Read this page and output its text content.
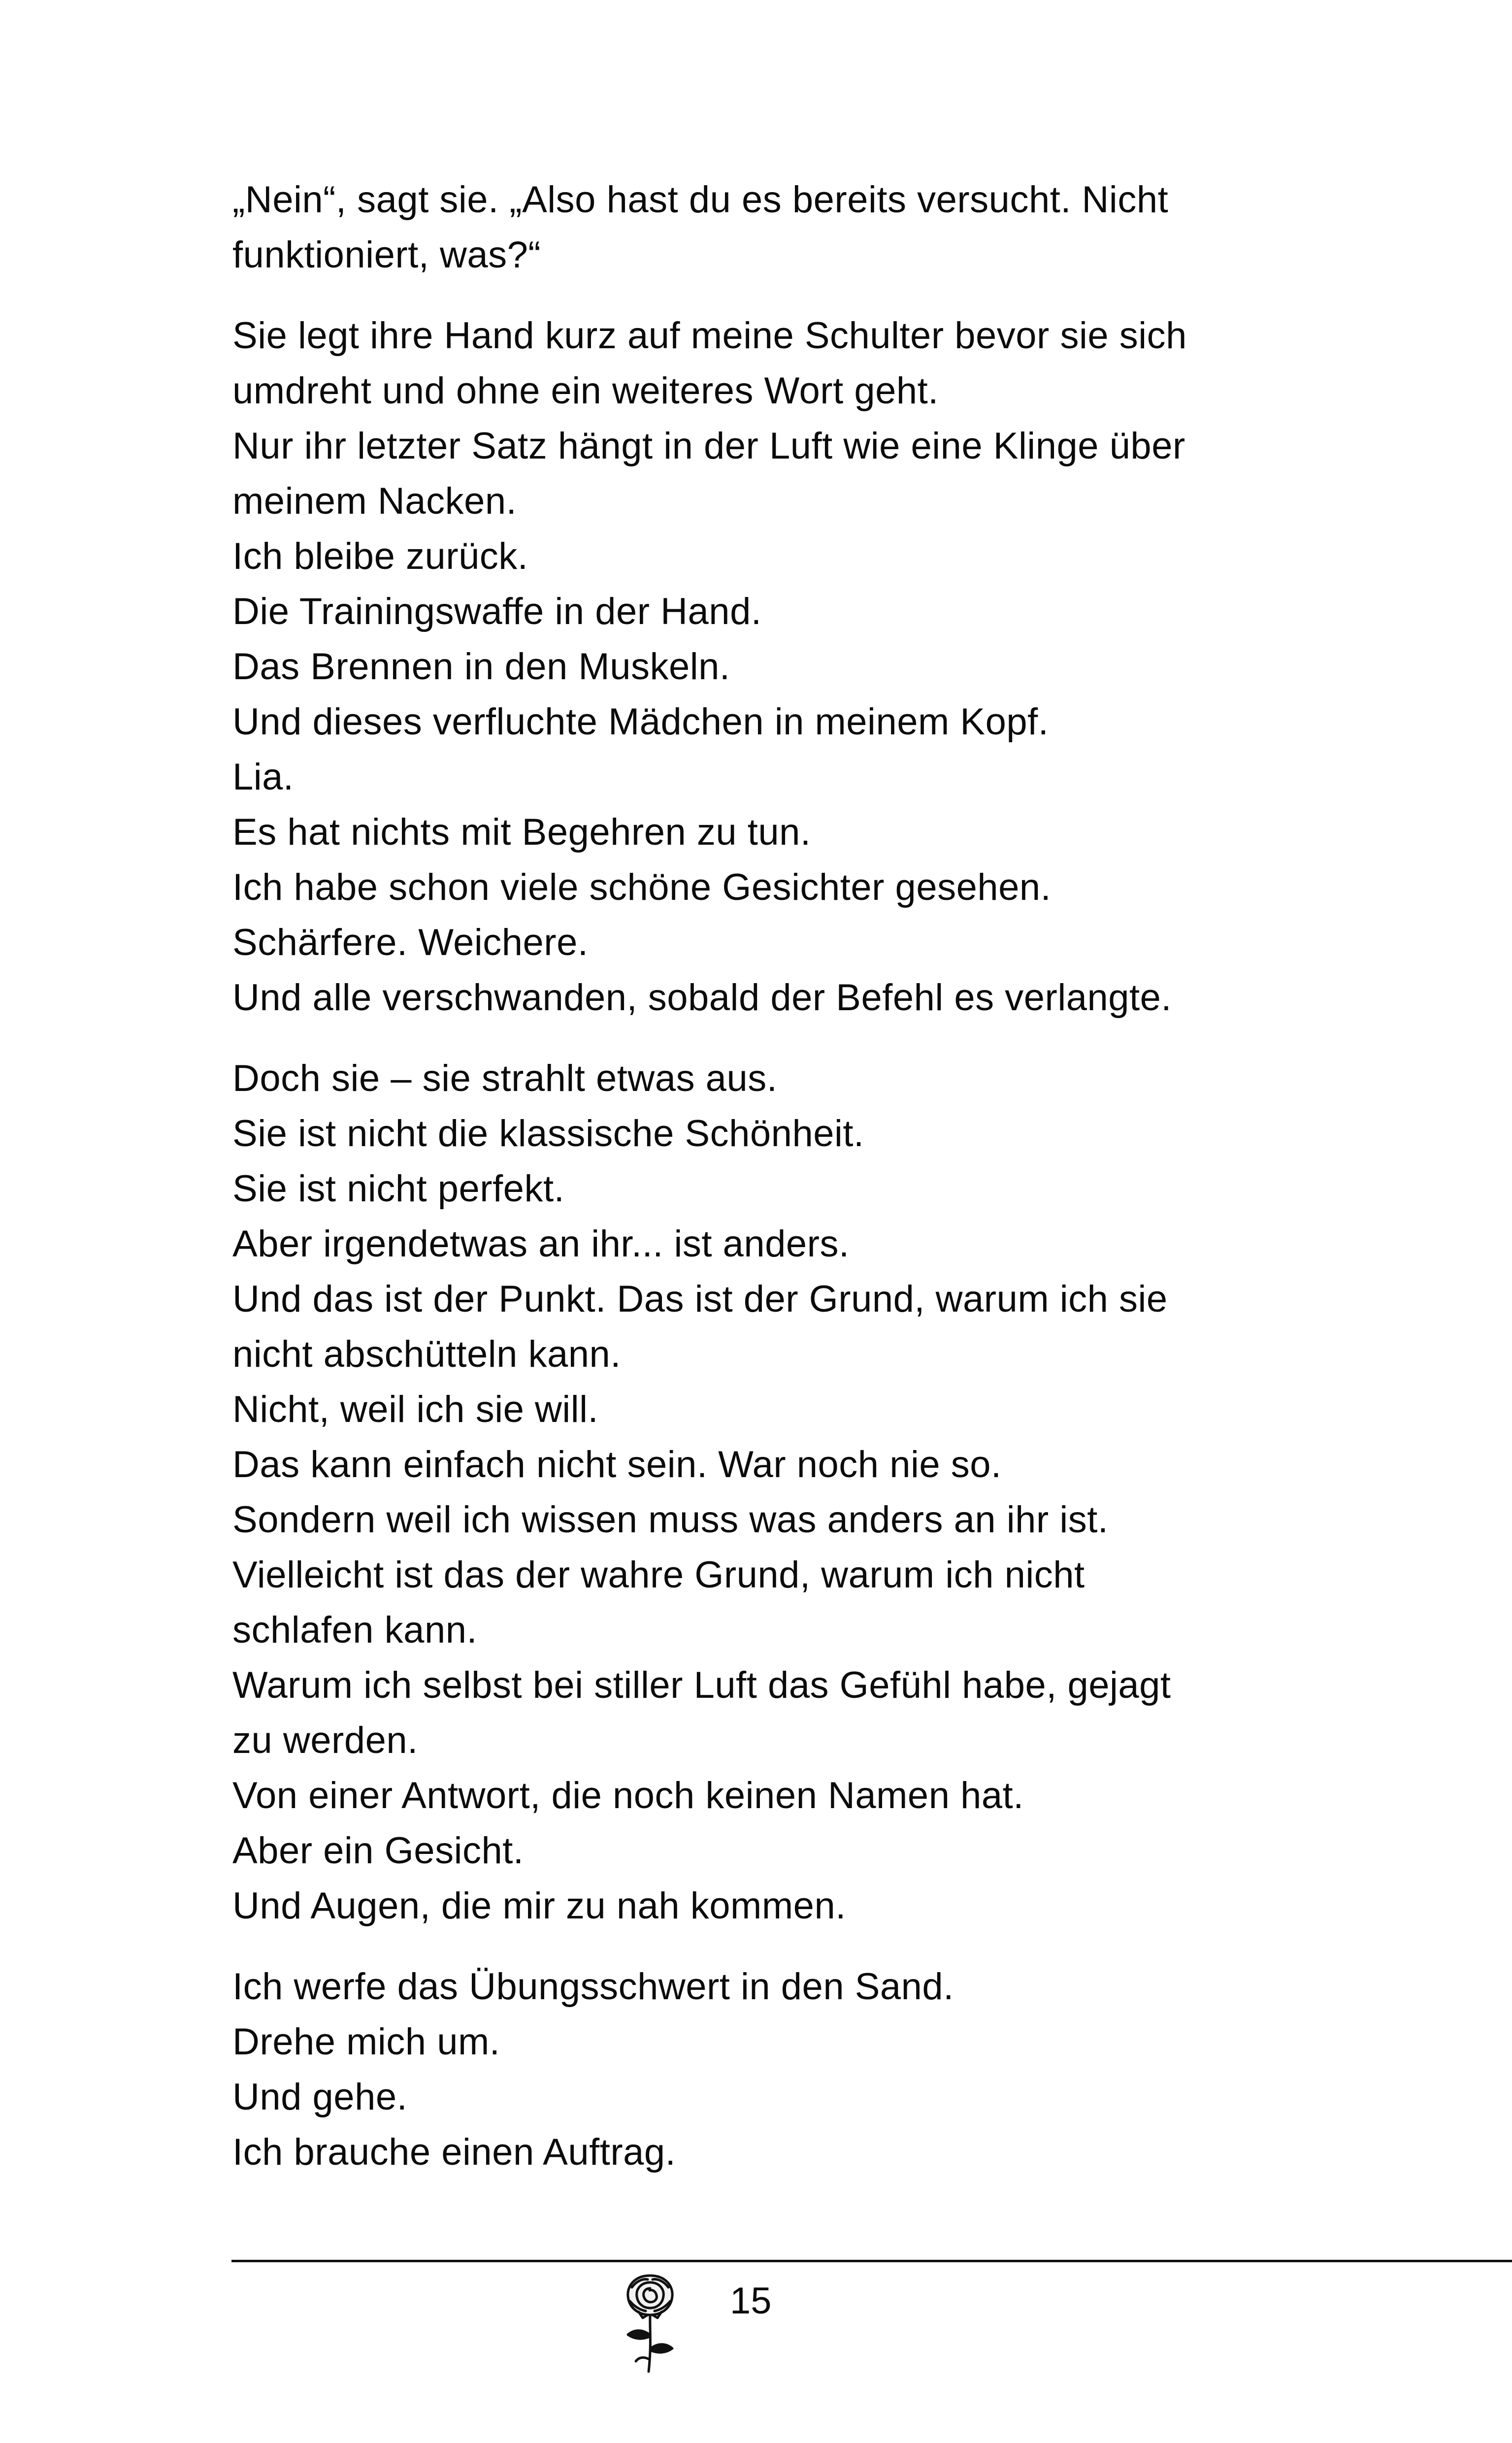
„Nein“, sagt sie. „Also hast du es bereits versucht. Nicht
funktioniert, was?“
Sie legt ihre Hand kurz auf meine Schulter bevor sie sich
umdreht und ohne ein weiteres Wort geht.
Nur ihr letzter Satz hängt in der Luft wie eine Klinge über
meinem Nacken.
Ich bleibe zurück.
Die Trainingswaffe in der Hand.
Das Brennen in den Muskeln.
Und dieses verfluchte Mädchen in meinem Kopf.
Lia.
Es hat nichts mit Begehren zu tun.
Ich habe schon viele schöne Gesichter gesehen.
Schärfere. Weichere.
Und alle verschwanden, sobald der Befehl es verlangte.
Doch sie – sie strahlt etwas aus.
Sie ist nicht die klassische Schönheit.
Sie ist nicht perfekt.
Aber irgendetwas an ihr... ist anders.
Und das ist der Punkt. Das ist der Grund, warum ich sie
nicht abschütteln kann.
Nicht, weil ich sie will.
Das kann einfach nicht sein. War noch nie so.
Sondern weil ich wissen muss was anders an ihr ist.
Vielleicht ist das der wahre Grund, warum ich nicht
schlafen kann.
Warum ich selbst bei stiller Luft das Gefühl habe, gejagt
zu werden.
Von einer Antwort, die noch keinen Namen hat.
Aber ein Gesicht.
Und Augen, die mir zu nah kommen.
Ich werfe das Übungsschwert in den Sand.
Drehe mich um.
Und gehe.
Ich brauche einen Auftrag.
15
